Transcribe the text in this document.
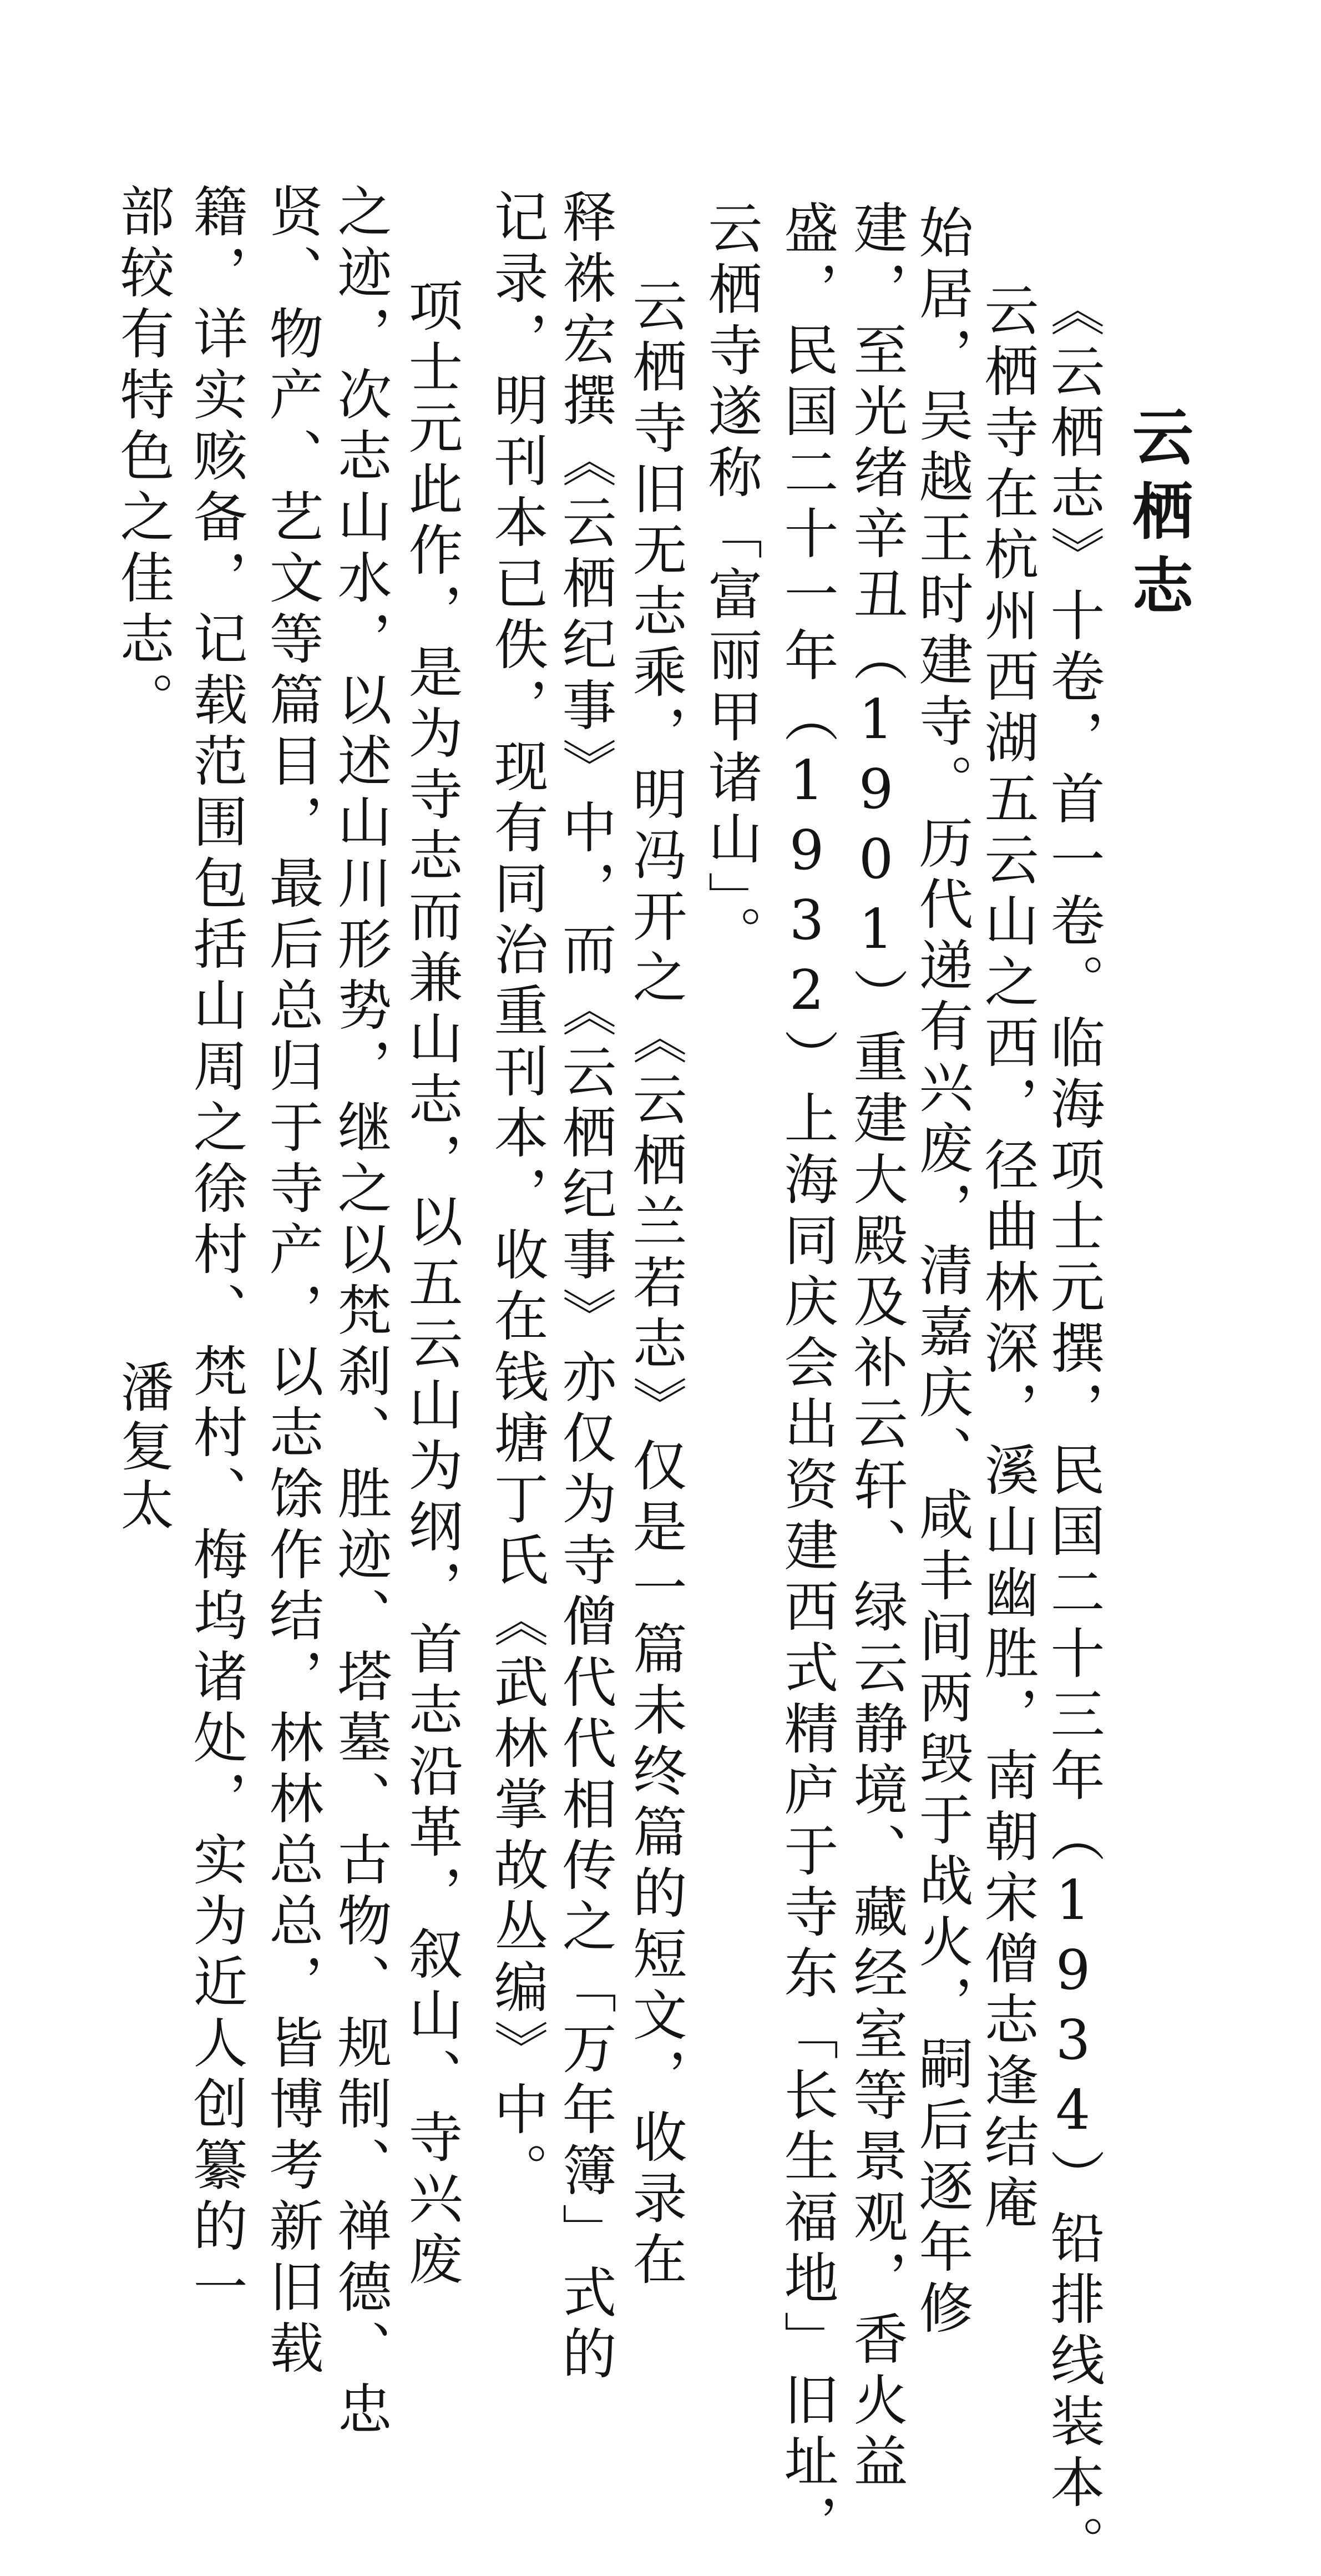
云栖志
《云栖志》十卷，首一卷。临海项士元撰，民国二十三年（1934）铅排线装本。
云栖寺在杭州西湖五云山之西，径曲林深，溪山幽胜，南朝宋僧志逢结庵
始居，吴越王时建寺。历代递有兴废，清嘉庆、咸丰间两毁于战火，嗣后逐年修
建，至光绪辛丑（1901）重建大殿及补云轩、绿云静境、藏经室等景观，香火益
盛，民国二十一年（1932）上海同庆会出资建西式精庐于寺东「长生福地」旧址，
云栖寺遂称「富丽甲诸山」。
云栖寺旧无志乘，明冯开之《云栖兰若志》仅是一篇未终篇的短文，收录在
释袾宏撰《云栖纪事》中，而《云栖纪事》亦仅为寺僧代代相传之「万年簿」式的
记录，明刊本已佚，现有同治重刊本，收在钱塘丁氏《武林掌故丛编》中。
项士元此作，是为寺志而兼山志，以五云山为纲，首志沿革，叙山、寺兴废
之迹，次志山水，以述山川形势，继之以梵刹、胜迹、塔墓、古物、规制、禅德、忠
贤、物产、艺文等篇目，最后总归于寺产，以志馀作结，林林总总，皆博考新旧载
籍，详实赅备，记载范围包括山周之徐村、梵村、梅坞诸处，实为近人创纂的一
部较有特色之佳志。
潘复太
